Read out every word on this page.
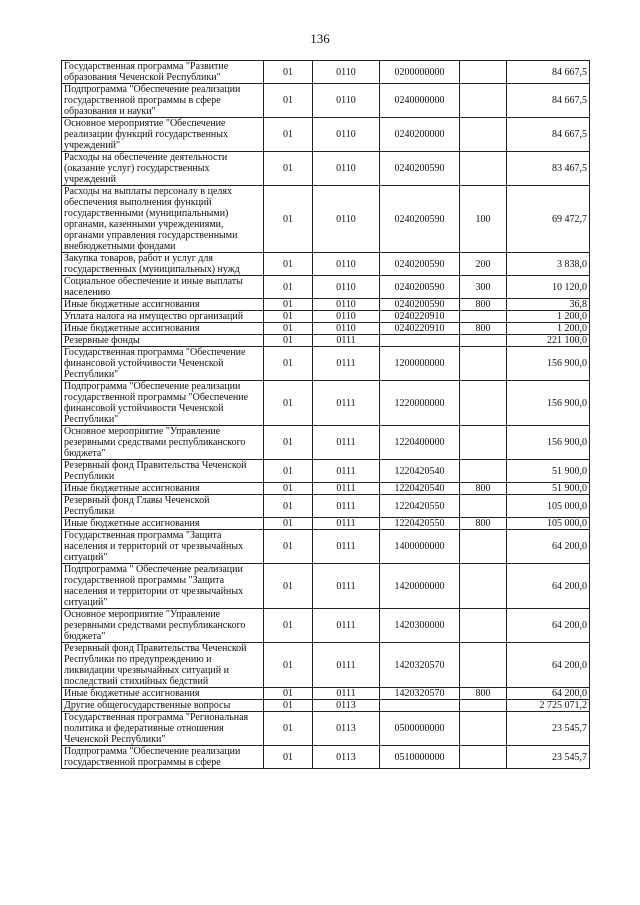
136
Государственная программа "Развитие образования Чеченской Республики"	01	0110	0200000000		84 667,5
Подпрограмма "Обеспечение реализации государственной программы в сфере образования и науки"	01	0110	0240000000		84 667,5
Основное мероприятие "Обеспечение реализации функций государственных учреждений"	01	0110	0240200000		84 667,5
Расходы на обеспечение деятельности (оказание услуг) государственных учреждений	01	0110	0240200590		83 467,5
Расходы на выплаты персоналу в целях обеспечения выполнения функций государственными (муниципальными) органами, казенными учреждениями, органами управления государственными внебюджетными фондами	01	0110	0240200590	100	69 472,7
Закупка товаров, работ и услуг для государственных (муниципальных) нужд	01	0110	0240200590	200	3 838,0
Социальное обеспечение и иные выплаты населению	01	0110	0240200590	300	10 120,0
Иные бюджетные ассигнования	01	0110	0240200590	800	36,8
Уплата налога на имущество организаций	01	0110	0240220910		1 200,0
Иные бюджетные ассигнования	01	0110	0240220910	800	1 200,0
Резервные фонды	01	0111			221 100,0
Государственная программа "Обеспечение финансовой устойчивости Чеченской Республики"	01	0111	1200000000		156 900,0
Подпрограмма "Обеспечение реализации государственной программы "Обеспечение финансовой устойчивости Чеченской Республики"	01	0111	1220000000		156 900,0
Основное мероприятие "Управление резервными средствами республиканского бюджета"	01	0111	1220400000		156 900,0
Резервный фонд Правительства Чеченской Республики	01	0111	1220420540		51 900,0
Иные бюджетные ассигнования	01	0111	1220420540	800	51 900,0
Резервный фонд Главы Чеченской Республики	01	0111	1220420550		105 000,0
Иные бюджетные ассигнования	01	0111	1220420550	800	105 000,0
Государственная программа "Защита населения и территорий от чрезвычайных ситуаций"	01	0111	1400000000		64 200,0
Подпрограмма " Обеспечение реализации государственной программы "Защита населения и территории от чрезвычайных ситуаций"	01	0111	1420000000		64 200,0
Основное мероприятие "Управление резервными средствами республиканского бюджета"	01	0111	1420300000		64 200,0
Резервный фонд Правительства Чеченской Республики по предупреждению и ликвидации чрезвычайных ситуаций и последствий стихийных бедствий	01	0111	1420320570		64 200,0
Иные бюджетные ассигнования	01	0111	1420320570	800	64 200,0
Другие общегосударственные вопросы	01	0113			2 725 071,2
Государственная программа "Региональная политика и федеративные отношения Чеченской Республики"	01	0113	0500000000		23 545,7
Подпрограмма "Обеспечение реализации государственной программы в сфере	01	0113	0510000000		23 545,7
